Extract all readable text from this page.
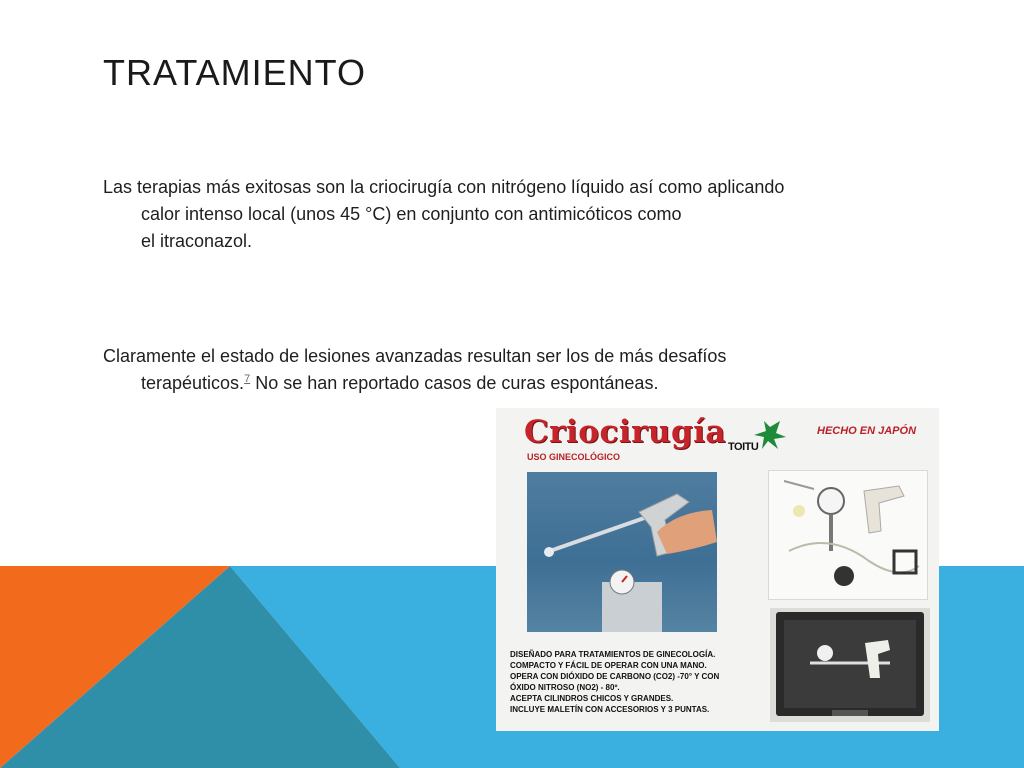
TRATAMIENTO

Las terapias más exitosas son la criocirugía con nitrógeno líquido así como aplicando
calor intenso local (unos 45 °C) en conjunto con antimicóticos como
el itraconazol.

Claramente el estado de lesiones avanzadas resultan ser los de más desafíos
terapéuticos.$^7$ No se han reportado casos de curas espontáneas.

Criocirugía
USO GINECOLÓGICO
TOITU
HECHO EN JAPÓN
DISEÑADO PARA TRATAMIENTOS DE GINECOLOGÍA.
COMPACTO Y FÁCIL DE OPERAR CON UNA MANO.
OPERA CON DIÓXIDO DE CARBONO (CO2) -70° Y CON
ÓXIDO NITROSO (NO2) - 80º.
ACEPTA CILINDROS CHICOS Y GRANDES.
INCLUYE MALETÍN CON ACCESORIOS Y 3 PUNTAS.
